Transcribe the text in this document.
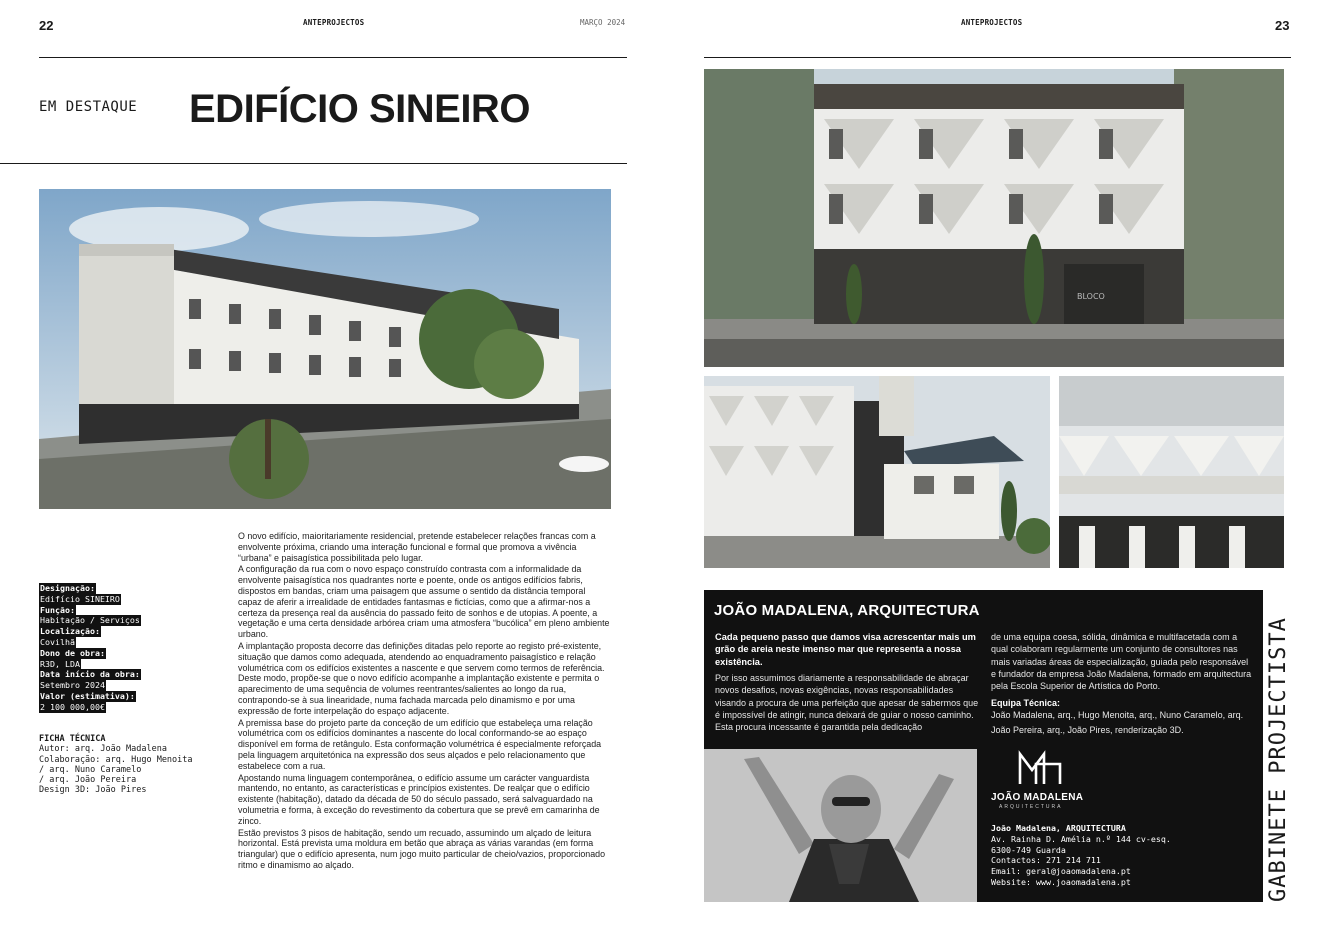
22	ANTEPROJECTOS	MARÇO 2024
EM DESTAQUE EDIFÍCIO SINEIRO
Designação:
Edifício SINEIRO
Função:
Habitação / Serviços
Localização:
Covilhã
Dono de obra:
R3D, LDA
Data início da obra:
Setembro 2024
Valor (estimativa):
2 100 000,00€
FICHA TÉCNICA
Autor: arq. João Madalena
Colaboração: arq. Hugo Menoita
/ arq. Nuno Caramelo
/ arq. João Pereira
Design 3D: João Pires

O novo edifício, maioritariamente residencial, pretende estabelecer relações francas com a envolvente próxima, criando uma interação funcional e formal que promova a vivência “urbana” e paisagística possibilitada pelo lugar.

A configuração da rua com o novo espaço construído contrasta com a informalidade da envolvente paisagística nos quadrantes norte e poente, onde os antigos edifícios fabris, dispostos em bandas, criam uma paisagem que assume o sentido da distância temporal capaz de aferir a irrealidade de entidades fantasmas e fictícias, como que a afirmar-nos a certeza da presença real da ausência do passado feito de sonhos e de utopias. A poente, a vegetação e uma certa densidade arbórea criam uma atmosfera “bucólica” em pleno ambiente urbano.

A implantação proposta decorre das definições ditadas pelo reporte ao registo pré-existente, situação que damos como adequada, atendendo ao enquadramento paisagístico e relação volumétrica com os edifícios existentes a nascente e que servem como termos de referência. Deste modo, propõe-se que o novo edifício acompanhe a implantação existente e permita o aparecimento de uma sequência de volumes reentrantes/salientes ao longo da rua, contrapondo-se à sua linearidade, numa fachada marcada pelo dinamismo e por uma expressão de forte interpelação do espaço adjacente.

A premissa base do projeto parte da conceção de um edifício que estabeleça uma relação volumétrica com os edifícios dominantes a nascente do local conformando-se ao espaço disponível em forma de retângulo. Esta conformação volumétrica é especialmente reforçada pela linguagem arquitetónica na expressão dos seus alçados e pelo relacionamento que estabelece com a rua.

Apostando numa linguagem contemporânea, o edifício assume um carácter vanguardista mantendo, no entanto, as características e princípios existentes. De realçar que o edifício existente (habitação), datado da década de 50 do século passado, será salvaguardado na volumetria e forma, à exceção do revestimento da cobertura que se prevê em camarinha de zinco.

Estão previstos 3 pisos de habitação, sendo um recuado, assumindo um alçado de leitura horizontal. Está prevista uma moldura em betão que abraça as várias varandas (em forma triangular) que o edifício apresenta, num jogo muito particular de cheio/vazios, proporcionado ritmo e dinamismo ao alçado.

ANTEPROJECTOS	23
BLOCO
JOÃO MADALENA, ARQUITECTURA
Cada pequeno passo que damos visa acrescentar mais um grão de areia neste imenso mar que representa a nossa existência.
Por isso assumimos diariamente a responsabilidade de abraçar novos desafios, novas exigências, novas responsabilidades visando a procura de uma perfeição que apesar de sabermos que é impossível de atingir, nunca deixará de guiar o nosso caminho. Esta procura incessante é garantida pela dedicação
de uma equipa coesa, sólida, dinâmica e multifacetada com a qual colaboram regularmente um conjunto de consultores nas mais variadas áreas de especialização, guiada pelo responsável e fundador da empresa João Madalena, formado em arquitectura pela Escola Superior de Artística do Porto.
Equipa Técnica:
João Madalena, arq., Hugo Menoita, arq., Nuno Caramelo, arq.
João Pereira, arq., João Pires, renderização 3D.
JOÃO MADALENA
ARQUITECTURA
João Madalena, ARQUITECTURA
Av. Rainha D. Amélia n.º 144 cv-esq.
6300-749 Guarda
Contactos: 271 214 711
Email: geral@joaomadalena.pt
Website: www.joaomadalena.pt	GABINETE PROJECTISTA
